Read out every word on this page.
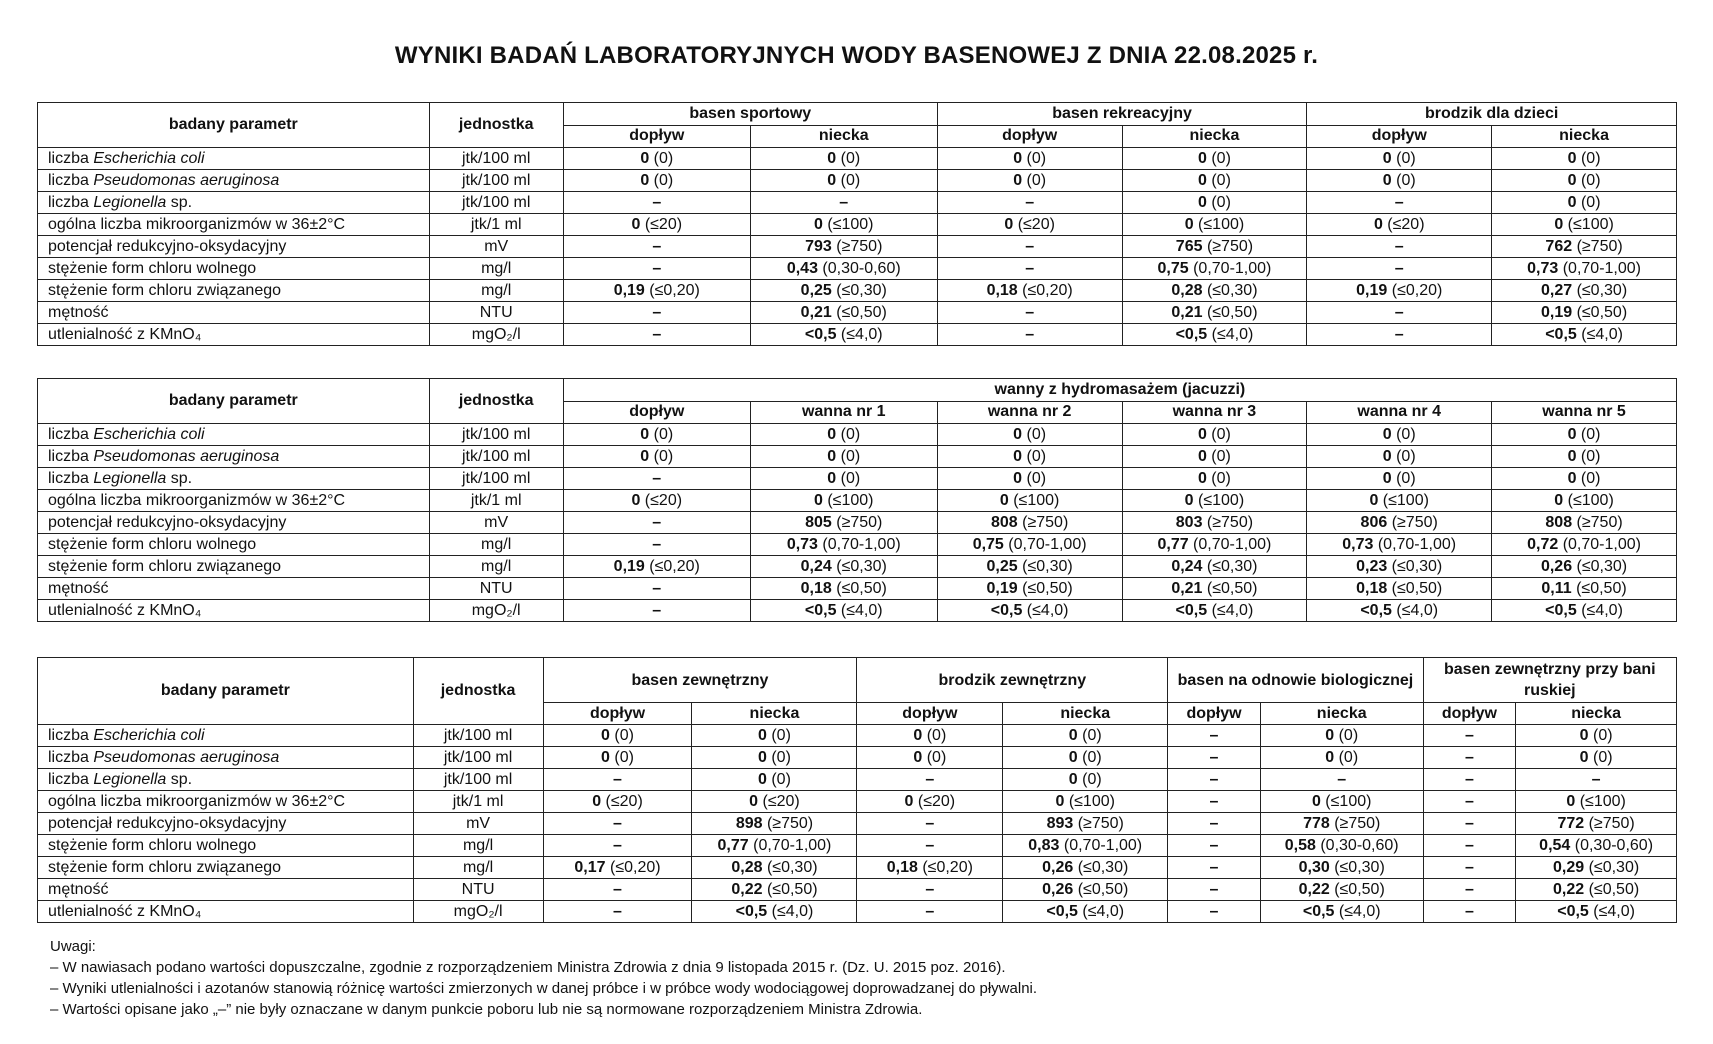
WYNIKI BADAŃ LABORATORYJNYCH WODY BASENOWEJ Z DNIA 22.08.2025 r.
badany parametr	jednostka	basen sportowy		basen rekreacyjny		brodzik dla dzieci	
		dopływ	niecka	dopływ	niecka	dopływ	niecka
liczba Escherichia coli	jtk/100 ml	0 (0)	0 (0)	0 (0)	0 (0)	0 (0)	0 (0)
liczba Pseudomonas aeruginosa	jtk/100 ml	0 (0)	0 (0)	0 (0)	0 (0)	0 (0)	0 (0)
liczba Legionella sp.	jtk/100 ml	–	–	–	0 (0)	–	0 (0)
ogólna liczba mikroorganizmów w 36±2°C	jtk/1 ml	0 (≤20)	0 (≤100)	0 (≤20)	0 (≤100)	0 (≤20)	0 (≤100)
potencjał redukcyjno-oksydacyjny	mV	–	793 (≥750)	–	765 (≥750)	–	762 (≥750)
stężenie form chloru wolnego	mg/l	–	0,43 (0,30-0,60)	–	0,75 (0,70-1,00)	–	0,73 (0,70-1,00)
stężenie form chloru związanego	mg/l	0,19 (≤0,20)	0,25 (≤0,30)	0,18 (≤0,20)	0,28 (≤0,30)	0,19 (≤0,20)	0,27 (≤0,30)
mętność	NTU	–	0,21 (≤0,50)	–	0,21 (≤0,50)	–	0,19 (≤0,50)
utlenialność z KMnO₄	mgO₂/l	–	<0,5 (≤4,0)	–	<0,5 (≤4,0)	–	<0,5 (≤4,0)
badany parametr	jednostka	wanny z hydromasażem (jacuzzi)					
		dopływ	wanna nr 1	wanna nr 2	wanna nr 3	wanna nr 4	wanna nr 5
liczba Escherichia coli	jtk/100 ml	0 (0)	0 (0)	0 (0)	0 (0)	0 (0)	0 (0)
liczba Pseudomonas aeruginosa	jtk/100 ml	0 (0)	0 (0)	0 (0)	0 (0)	0 (0)	0 (0)
liczba Legionella sp.	jtk/100 ml	–	0 (0)	0 (0)	0 (0)	0 (0)	0 (0)
ogólna liczba mikroorganizmów w 36±2°C	jtk/1 ml	0 (≤20)	0 (≤100)	0 (≤100)	0 (≤100)	0 (≤100)	0 (≤100)
potencjał redukcyjno-oksydacyjny	mV	–	805 (≥750)	808 (≥750)	803 (≥750)	806 (≥750)	808 (≥750)
stężenie form chloru wolnego	mg/l	–	0,73 (0,70-1,00)	0,75 (0,70-1,00)	0,77 (0,70-1,00)	0,73 (0,70-1,00)	0,72 (0,70-1,00)
stężenie form chloru związanego	mg/l	0,19 (≤0,20)	0,24 (≤0,30)	0,25 (≤0,30)	0,24 (≤0,30)	0,23 (≤0,30)	0,26 (≤0,30)
mętność	NTU	–	0,18 (≤0,50)	0,19 (≤0,50)	0,21 (≤0,50)	0,18 (≤0,50)	0,11 (≤0,50)
utlenialność z KMnO₄	mgO₂/l	–	<0,5 (≤4,0)	<0,5 (≤4,0)	<0,5 (≤4,0)	<0,5 (≤4,0)	<0,5 (≤4,0)
badany parametr	jednostka	basen zewnętrzny		brodzik zewnętrzny		basen na odnowie biologicznej		basen zewnętrzny przy bani ruskiej	
		dopływ	niecka	dopływ	niecka	dopływ	niecka	dopływ	niecka
liczba Escherichia coli	jtk/100 ml	0 (0)	0 (0)	0 (0)	0 (0)	–	0 (0)	–	0 (0)
liczba Pseudomonas aeruginosa	jtk/100 ml	0 (0)	0 (0)	0 (0)	0 (0)	–	0 (0)	–	0 (0)
liczba Legionella sp.	jtk/100 ml	–	0 (0)	–	0 (0)	–	–	–	–
ogólna liczba mikroorganizmów w 36±2°C	jtk/1 ml	0 (≤20)	0 (≤20)	0 (≤20)	0 (≤100)	–	0 (≤100)	–	0 (≤100)
potencjał redukcyjno-oksydacyjny	mV	–	898 (≥750)	–	893 (≥750)	–	778 (≥750)	–	772 (≥750)
stężenie form chloru wolnego	mg/l	–	0,77 (0,70-1,00)	–	0,83 (0,70-1,00)	–	0,58 (0,30-0,60)	–	0,54 (0,30-0,60)
stężenie form chloru związanego	mg/l	0,17 (≤0,20)	0,28 (≤0,30)	0,18 (≤0,20)	0,26 (≤0,30)	–	0,30 (≤0,30)	–	0,29 (≤0,30)
mętność	NTU	–	0,22 (≤0,50)	–	0,26 (≤0,50)	–	0,22 (≤0,50)	–	0,22 (≤0,50)
utlenialność z KMnO₄	mgO₂/l	–	<0,5 (≤4,0)	–	<0,5 (≤4,0)	–	<0,5 (≤4,0)	–	<0,5 (≤4,0)
Uwagi:
– W nawiasach podano wartości dopuszczalne, zgodnie z rozporządzeniem Ministra Zdrowia z dnia 9 listopada 2015 r. (Dz. U. 2015 poz. 2016).
– Wyniki utlenialności i azotanów stanowią różnicę wartości zmierzonych w danej próbce i w próbce wody wodociągowej doprowadzanej do pływalni.
– Wartości opisane jako „–” nie były oznaczane w danym punkcie poboru lub nie są normowane rozporządzeniem Ministra Zdrowia.
